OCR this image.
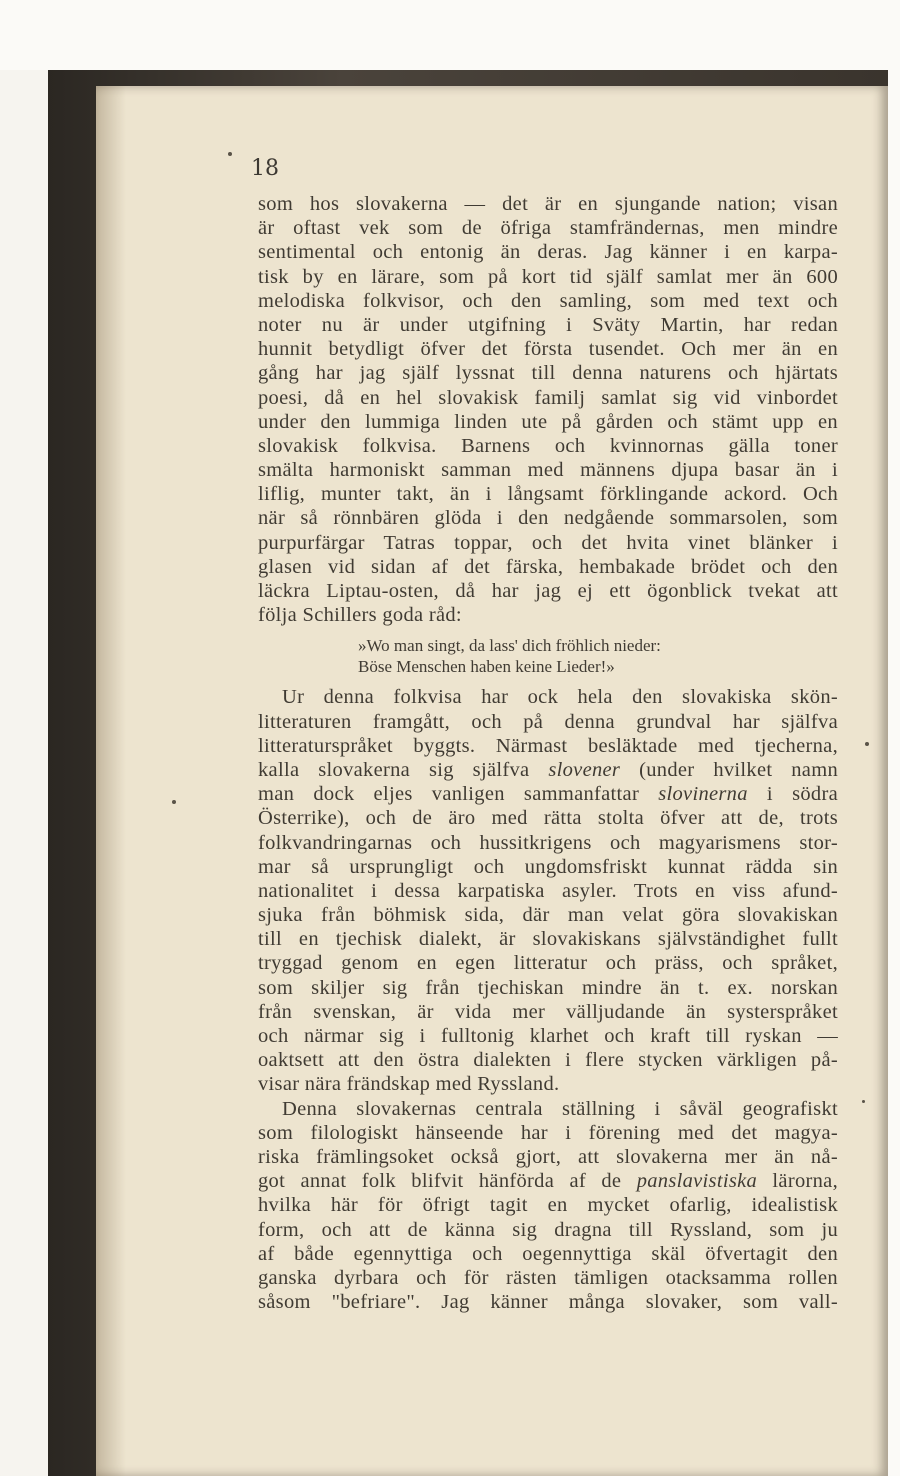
18
som hos slovakerna — det är en sjungande nation; visan
är oftast vek som de öfriga stamfrändernas, men mindre
sentimental och entonig än deras. Jag känner i en karpa-
tisk by en lärare, som på kort tid själf samlat mer än 600
melodiska folkvisor, och den samling, som med text och
noter nu är under utgifning i Sväty Martin, har redan
hunnit betydligt öfver det första tusendet. Och mer än en
gång har jag själf lyssnat till denna naturens och hjärtats
poesi, då en hel slovakisk familj samlat sig vid vinbordet
under den lummiga linden ute på gården och stämt upp en
slovakisk folkvisa. Barnens och kvinnornas gälla toner
smälta harmoniskt samman med männens djupa basar än i
liflig, munter takt, än i långsamt förklingande ackord. Och
när så rönnbären glöda i den nedgående sommarsolen, som
purpurfärgar Tatras toppar, och det hvita vinet blänker i
glasen vid sidan af det färska, hembakade brödet och den
läckra Liptau-osten, då har jag ej ett ögonblick tvekat att
följa Schillers goda råd:
»Wo man singt, da lass' dich fröhlich nieder:
Böse Menschen haben keine Lieder!»
Ur denna folkvisa har ock hela den slovakiska skön-
litteraturen framgått, och på denna grundval har själfva
litteraturspråket byggts. Närmast besläktade med tjecherna,
kalla slovakerna sig själfva slovener (under hvilket namn
man dock eljes vanligen sammanfattar slovinerna i södra
Österrike), och de äro med rätta stolta öfver att de, trots
folkvandringarnas och hussitkrigens och magyarismens stor-
mar så ursprungligt och ungdomsfriskt kunnat rädda sin
nationalitet i dessa karpatiska asyler. Trots en viss afund-
sjuka från böhmisk sida, där man velat göra slovakiskan
till en tjechisk dialekt, är slovakiskans självständighet fullt
tryggad genom en egen litteratur och präss, och språket,
som skiljer sig från tjechiskan mindre än t. ex. norskan
från svenskan, är vida mer välljudande än systerspråket
och närmar sig i fulltonig klarhet och kraft till ryskan —
oaktsett att den östra dialekten i flere stycken värkligen på-
visar nära frändskap med Ryssland.
Denna slovakernas centrala ställning i såväl geografiskt
som filologiskt hänseende har i förening med det magya-
riska främlingsoket också gjort, att slovakerna mer än nå-
got annat folk blifvit hänförda af de panslavistiska lärorna,
hvilka här för öfrigt tagit en mycket ofarlig, idealistisk
form, och att de känna sig dragna till Ryssland, som ju
af både egennyttiga och oegennyttiga skäl öfvertagit den
ganska dyrbara och för rästen tämligen otacksamma rollen
såsom "befriare". Jag känner många slovaker, som vall-
